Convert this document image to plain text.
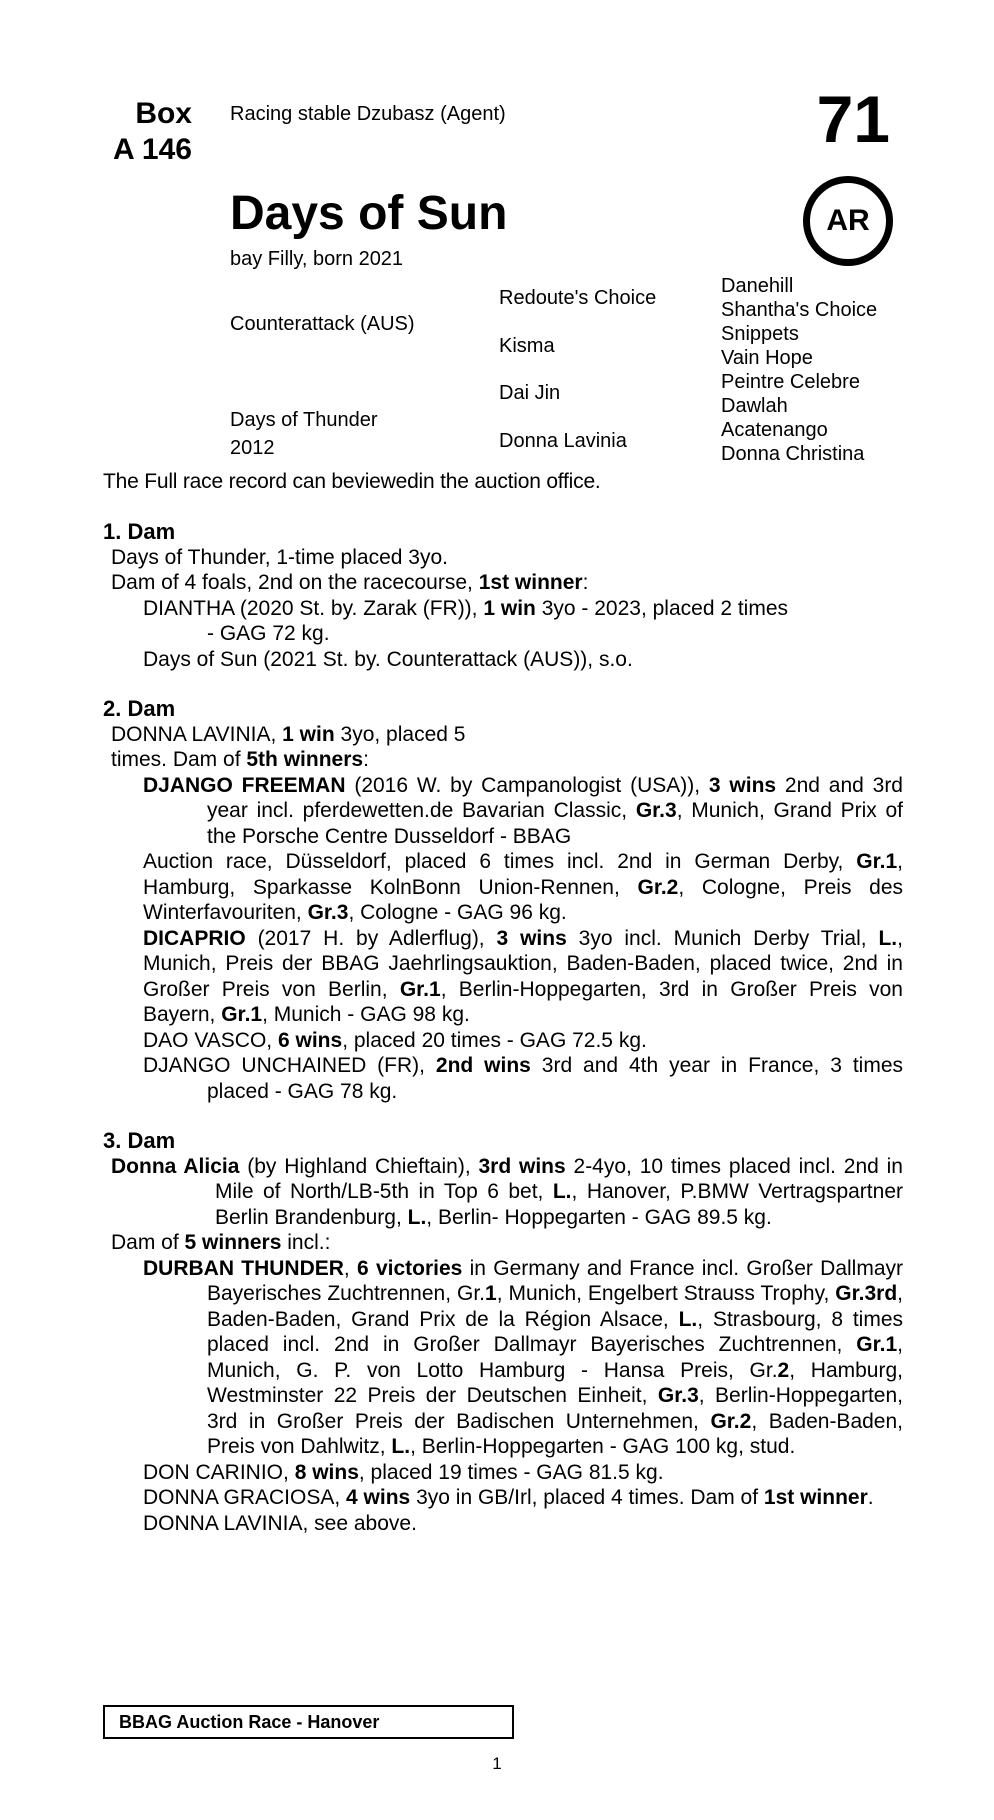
Box
A 146
Racing stable Dzubasz (Agent)	71
Days of Sun	AR
bay Filly, born 2021
Counterattack (AUS)
Days of Thunder
2012
Redoute's Choice
Kisma
Dai Jin
Donna Lavinia
Danehill
Shantha's Choice
Snippets
Vain Hope
Peintre Celebre
Dawlah
Acatenango
Donna Christina
The Full race record can beviewedin the auction office.

1. Dam

Days of Thunder, 1-time placed 3yo.

Dam of 4 foals, 2nd on the racecourse, 1st winner:

DIANTHA (2020 St. by. Zarak (FR)), 1 win 3yo - 2023, placed 2 times

- GAG 72 kg.

Days of Sun (2021 St. by. Counterattack (AUS)), s.o.

2. Dam

DONNA LAVINIA, 1 win 3yo, placed 5

times. Dam of 5th winners:

DJANGO FREEMAN (2016 W. by Campanologist (USA)), 3 wins 2nd and 3rd year incl. pferdewetten.de Bavarian Classic, Gr.3, Munich, Grand Prix of the Porsche Centre Dusseldorf - BBAG

Auction race, Düsseldorf, placed 6 times incl. 2nd in German Derby, Gr.1, Hamburg, Sparkasse KolnBonn Union-Rennen, Gr.2, Cologne, Preis des Winterfavouriten, Gr.3, Cologne - GAG 96 kg.

DICAPRIO (2017 H. by Adlerflug), 3 wins 3yo incl. Munich Derby Trial, L., Munich, Preis der BBAG Jaehrlingsauktion, Baden-Baden, placed twice, 2nd in Großer Preis von Berlin, Gr.1, Berlin-Hoppegarten, 3rd in Großer Preis von Bayern, Gr.1, Munich - GAG 98 kg.

DAO VASCO, 6 wins, placed 20 times - GAG 72.5 kg.

DJANGO UNCHAINED (FR), 2nd wins 3rd and 4th year in France, 3 times placed - GAG 78 kg.

3. Dam

Donna Alicia (by Highland Chieftain), 3rd wins 2-4yo, 10 times placed incl. 2nd in Mile of North/LB-5th in Top 6 bet, L., Hanover, P.BMW Vertragspartner Berlin Brandenburg, L., Berlin- Hoppegarten - GAG 89.5 kg.

Dam of 5 winners incl.:

DURBAN THUNDER, 6 victories in Germany and France incl. Großer Dallmayr Bayerisches Zuchtrennen, Gr.1, Munich, Engelbert Strauss Trophy, Gr.3rd, Baden-Baden, Grand Prix de la Région Alsace, L., Strasbourg, 8 times placed incl. 2nd in Großer Dallmayr Bayerisches Zuchtrennen, Gr.1, Munich, G. P. von Lotto Hamburg - Hansa Preis, Gr.2, Hamburg, Westminster 22 Preis der Deutschen Einheit, Gr.3, Berlin-Hoppegarten, 3rd in Großer Preis der Badischen Unternehmen, Gr.2, Baden-Baden, Preis von Dahlwitz, L., Berlin-Hoppegarten - GAG 100 kg, stud.

DON CARINIO, 8 wins, placed 19 times - GAG 81.5 kg.

DONNA GRACIOSA, 4 wins 3yo in GB/Irl, placed 4 times. Dam of 1st winner.

DONNA LAVINIA, see above.

BBAG Auction Race - Hanover
1
